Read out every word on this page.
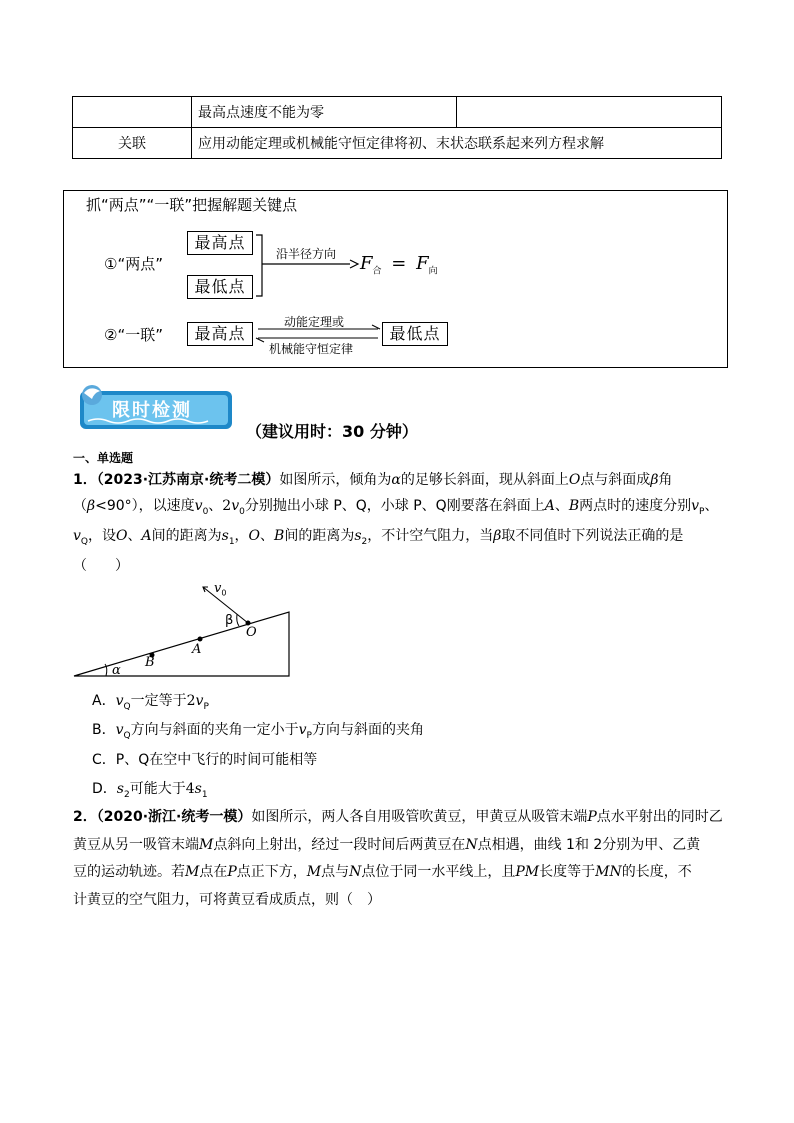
	最高点速度不能为零	
关联	应用动能定理或机械能守恒定律将初、末状态联系起来列方程求解	
抓“两点”“一联”把握解题关键点
①“两点”
最高点
最低点
沿半径方向 $F_合 = F_向$
②“一联”	最高点
动能定理或
机械能守恒定律
最低点
限时检测
（建议用时：30 分钟）
一、单选题
1．（2023·江苏南京·统考二模）如图所示，倾角为α的足够长斜面，现从斜面上O点与斜面成β角
（β<90°），以速度$v_0$、$2v_0$分别抛出小球 P、Q，小球 P、Q刚要落在斜面上A、B两点时的速度分别$v_P$、
$v_Q$，设O、A间的距离为$s_1$，O、B间的距离为$s_2$，不计空气阻力，当β取不同值时下列说法正确的是
（　　）
$v_0$
β
O
A
B
α
A．$v_Q$一定等于$2v_P$
B．$v_Q$方向与斜面的夹角一定小于$v_P$方向与斜面的夹角
C．P、Q在空中飞行的时间可能相等
D．$s_2$可能大于$4s_1$
2．（2020·浙江·统考一模）如图所示，两人各自用吸管吹黄豆，甲黄豆从吸管末端P点水平射出的同时乙
黄豆从另一吸管末端M点斜向上射出，经过一段时间后两黄豆在N点相遇，曲线 1和 2分别为甲、乙黄
豆的运动轨迹。若M点在P点正下方，M点与N点位于同一水平线上，且PM长度等于MN的长度，不
计黄豆的空气阻力，可将黄豆看成质点，则（　）
